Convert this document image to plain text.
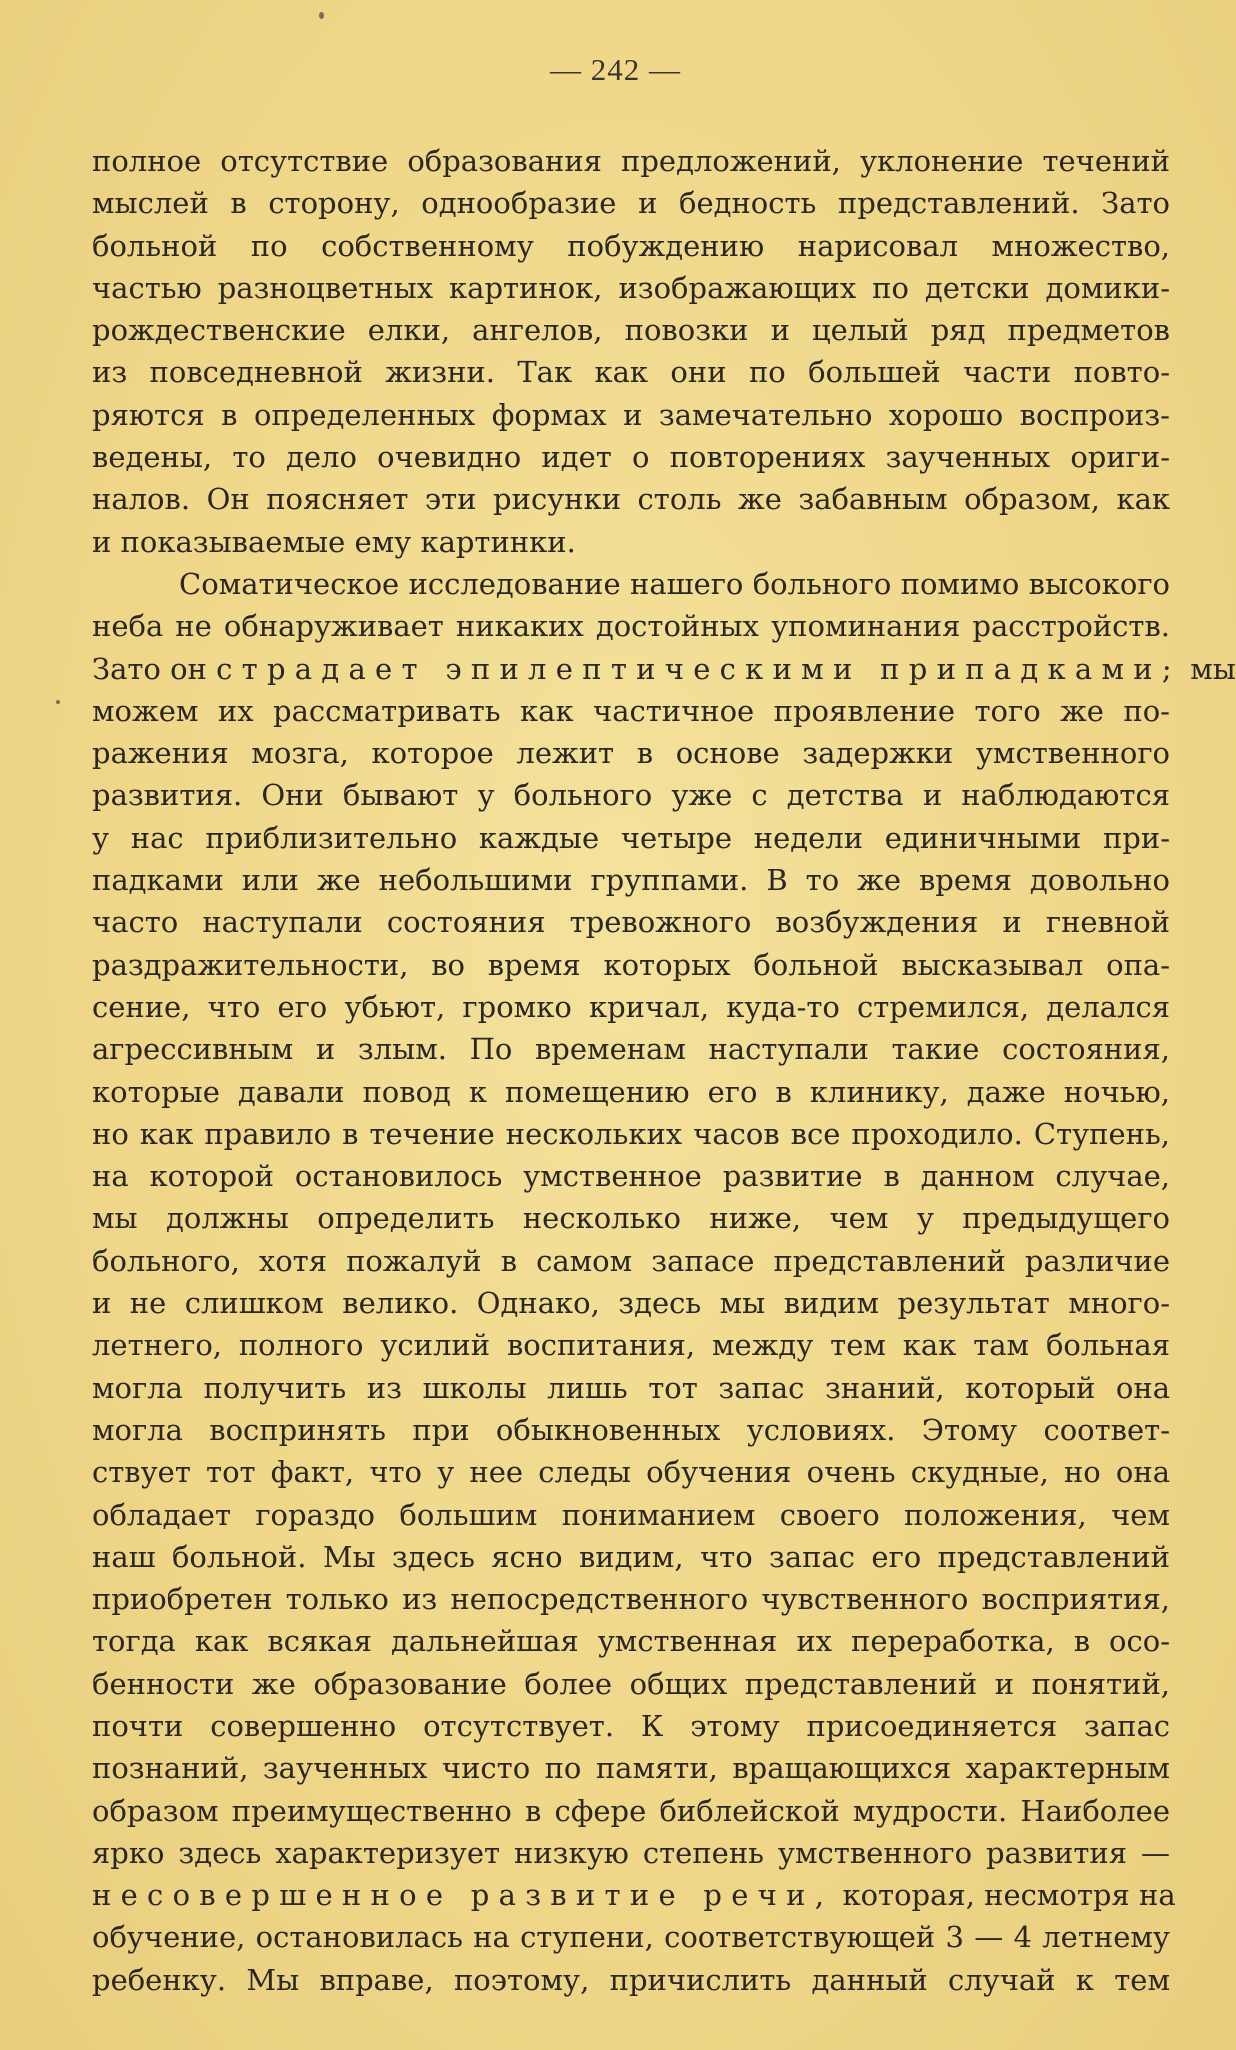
— 242 —
полное отсутствие образования предложений, уклонение течений
мыслей в сторону, однообразие и бедность представлений. Зато
больной по собственному побуждению нарисовал множество,
частью разноцветных картинок, изображающих по детски домики-
рождественские елки, ангелов, повозки и целый ряд предметов
из повседневной жизни. Так как они по большей части повто-
ряются в определенных формах и замечательно хорошо воспроиз-
ведены, то дело очевидно идет о повторениях заученных ориги-
налов. Он поясняет эти рисунки столь же забавным образом, как
и показываемые ему картинки.
Соматическое исследование нашего больного помимо высокого
неба не обнаруживает никаких достойных упоминания расстройств.
Зато он страдает эпилептическими припадками; мы
можем их рассматривать как частичное проявление того же по-
ражения мозга, которое лежит в основе задержки умственного
развития. Они бывают у больного уже с детства и наблюдаются
у нас приблизительно каждые четыре недели единичными при-
падками или же небольшими группами. В то же время довольно
часто наступали состояния тревожного возбуждения и гневной
раздражительности, во время которых больной высказывал опа-
сение, что его убьют, громко кричал, куда-то стремился, делался
агрессивным и злым. По временам наступали такие состояния,
которые давали повод к помещению его в клинику, даже ночью,
но как правило в течение нескольких часов все проходило. Ступень,
на которой остановилось умственное развитие в данном случае,
мы должны определить несколько ниже, чем у предыдущего
больного, хотя пожалуй в самом запасе представлений различие
и не слишком велико. Однако, здесь мы видим результат много-
летнего, полного усилий воспитания, между тем как там больная
могла получить из школы лишь тот запас знаний, который она
могла воспринять при обыкновенных условиях. Этому соответ-
ствует тот факт, что у нее следы обучения очень скудные, но она
обладает гораздо большим пониманием своего положения, чем
наш больной. Мы здесь ясно видим, что запас его представлений
приобретен только из непосредственного чувственного восприятия,
тогда как всякая дальнейшая умственная их переработка, в осо-
бенности же образование более общих представлений и понятий,
почти совершенно отсутствует. К этому присоединяется запас
познаний, заученных чисто по памяти, вращающихся характерным
образом преимущественно в сфере библейской мудрости. Наиболее
ярко здесь характеризует низкую степень умственного развития —
несовершенное развитие речи, которая, несмотря на
обучение, остановилась на ступени, соответствующей 3 — 4 летнему
ребенку. Мы вправе, поэтому, причислить данный случай к тем
